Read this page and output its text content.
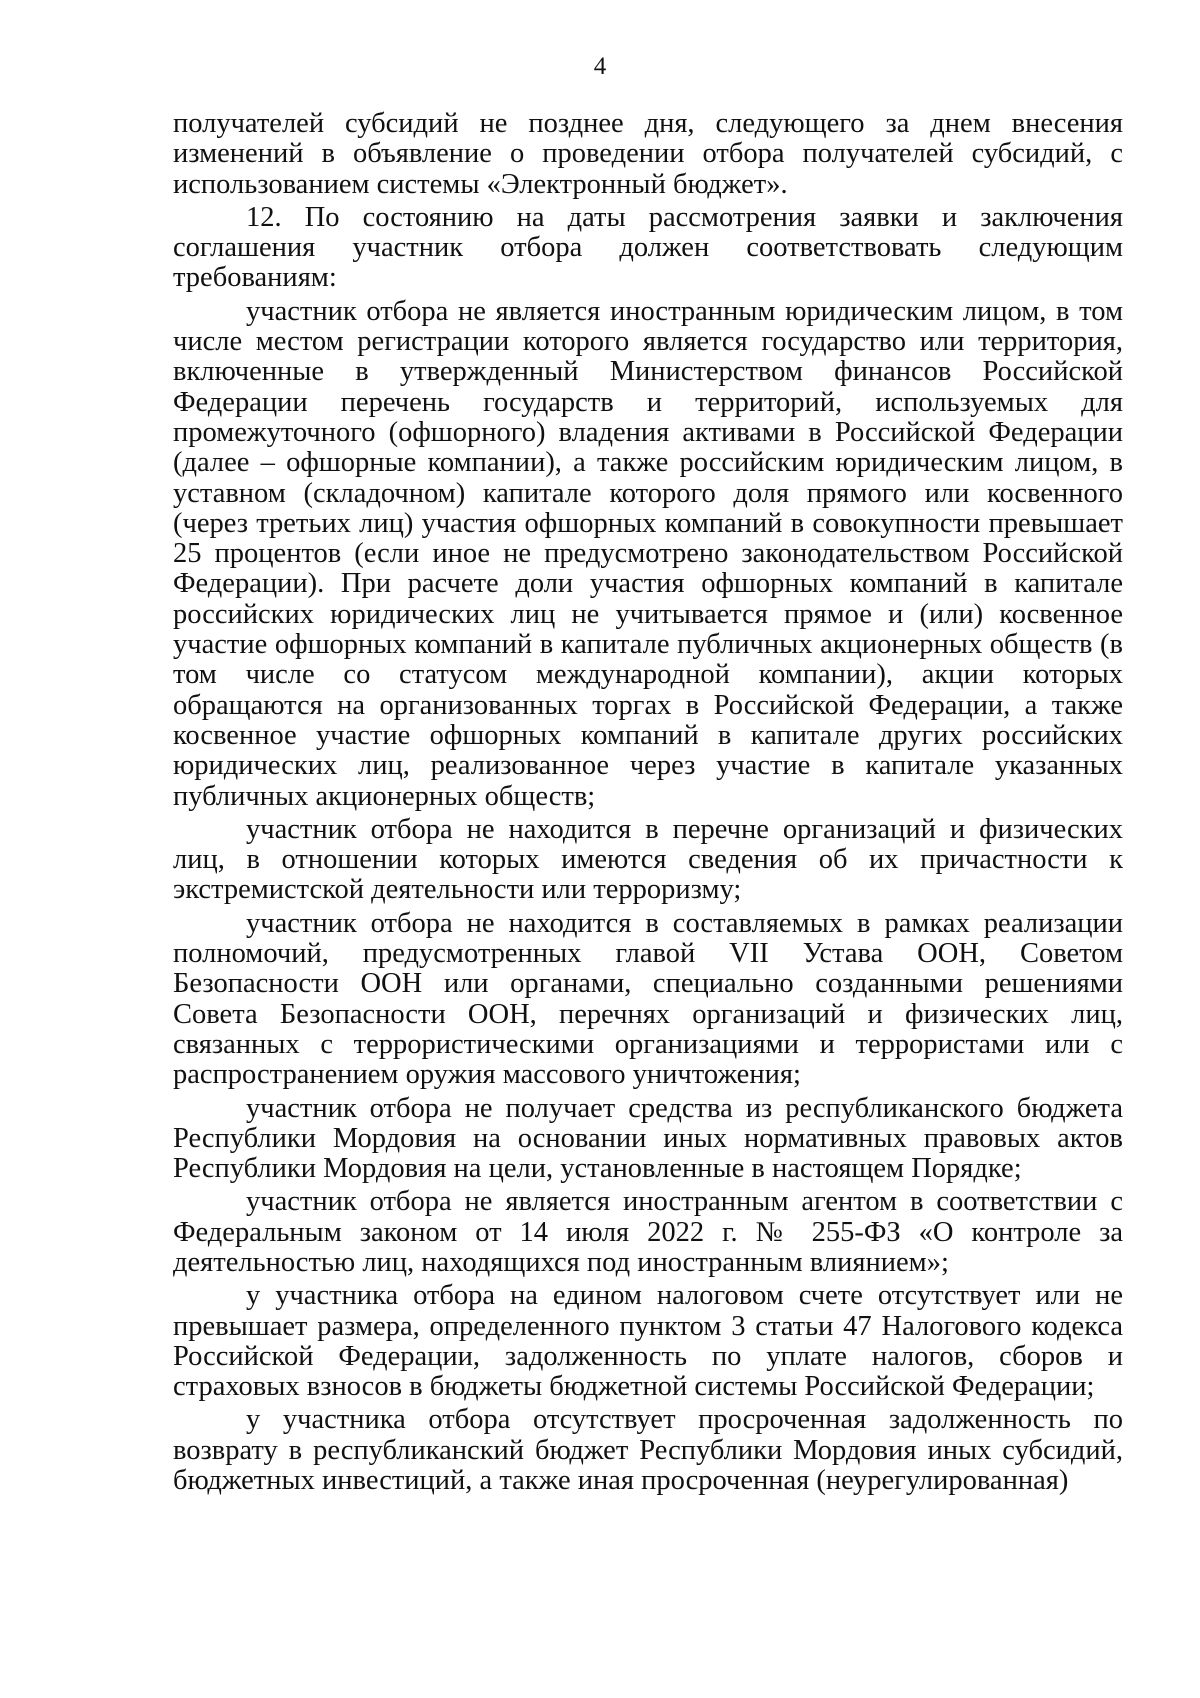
4

получателей субсидий не позднее дня, следующего за днем внесения изменений в объявление о проведении отбора получателей субсидий, с использованием системы «Электронный бюджет».

12. По состоянию на даты рассмотрения заявки и заключения соглашения участник отбора должен соответствовать следующим требованиям:

участник отбора не является иностранным юридическим лицом, в том числе местом регистрации которого является государство или территория, включенные в утвержденный Министерством финансов Российской Федерации перечень государств и территорий, используемых для промежуточного (офшорного) владения активами в Российской Федерации (далее – офшорные компании), а также российским юридическим лицом, в уставном (складочном) капитале которого доля прямого или косвенного (через третьих лиц) участия офшорных компаний в совокупности превышает 25 процентов (если иное не предусмотрено законодательством Российской Федерации). При расчете доли участия офшорных компаний в капитале российских юридических лиц не учитывается прямое и (или) косвенное участие офшорных компаний в капитале публичных акционерных обществ (в том числе со статусом международной компании), акции которых обращаются на организованных торгах в Российской Федерации, а также косвенное участие офшорных компаний в капитале других российских юридических лиц, реализованное через участие в капитале указанных публичных акционерных обществ;

участник отбора не находится в перечне организаций и физических лиц, в отношении которых имеются сведения об их причастности к экстремистской деятельности или терроризму;

участник отбора не находится в составляемых в рамках реализации полномочий, предусмотренных главой VII Устава ООН, Советом Безопасности ООН или органами, специально созданными решениями Совета Безопасности ООН, перечнях организаций и физических лиц, связанных с террористическими организациями и террористами или с распространением оружия массового уничтожения;

участник отбора не получает средства из республиканского бюджета Республики Мордовия на основании иных нормативных правовых актов Республики Мордовия на цели, установленные в настоящем Порядке;

участник отбора не является иностранным агентом в соответствии с Федеральным законом от 14 июля 2022 г. № 255-ФЗ «О контроле за деятельностью лиц, находящихся под иностранным влиянием»;

у участника отбора на едином налоговом счете отсутствует или не превышает размера, определенного пунктом 3 статьи 47 Налогового кодекса Российской Федерации, задолженность по уплате налогов, сборов и страховых взносов в бюджеты бюджетной системы Российской Федерации;

у участника отбора отсутствует просроченная задолженность по возврату в республиканский бюджет Республики Мордовия иных субсидий, бюджетных инвестиций, а также иная просроченная (неурегулированная)
